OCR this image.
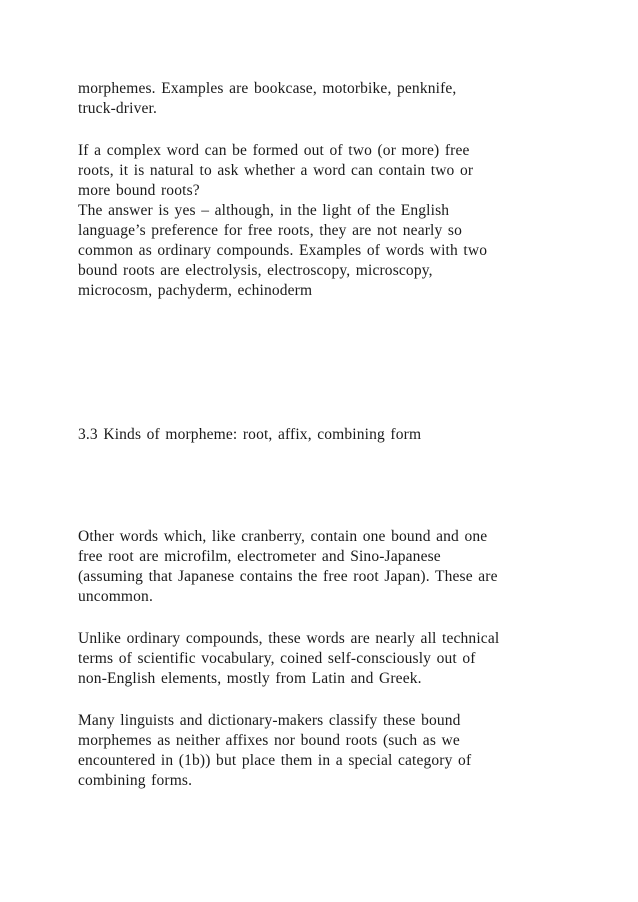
morphemes. Examples are bookcase, motorbike, penknife,
truck-driver.
If a complex word can be formed out of two (or more) free
roots, it is natural to ask whether a word can contain two or
more bound roots?
The answer is yes – although, in the light of the English
language’s preference for free roots, they are not nearly so
common as ordinary compounds. Examples of words with two
bound roots are electrolysis, electroscopy, microscopy,
microcosm, pachyderm, echinoderm
3.3 Kinds of morpheme: root, affix, combining form
Other words which, like cranberry, contain one bound and one
free root are microfilm, electrometer and Sino-Japanese
(assuming that Japanese contains the free root Japan). These are
uncommon.
Unlike ordinary compounds, these words are nearly all technical
terms of scientific vocabulary, coined self-consciously out of
non-English elements, mostly from Latin and Greek.
Many linguists and dictionary-makers classify these bound
morphemes as neither affixes nor bound roots (such as we
encountered in (1b)) but place them in a special category of
combining forms.
